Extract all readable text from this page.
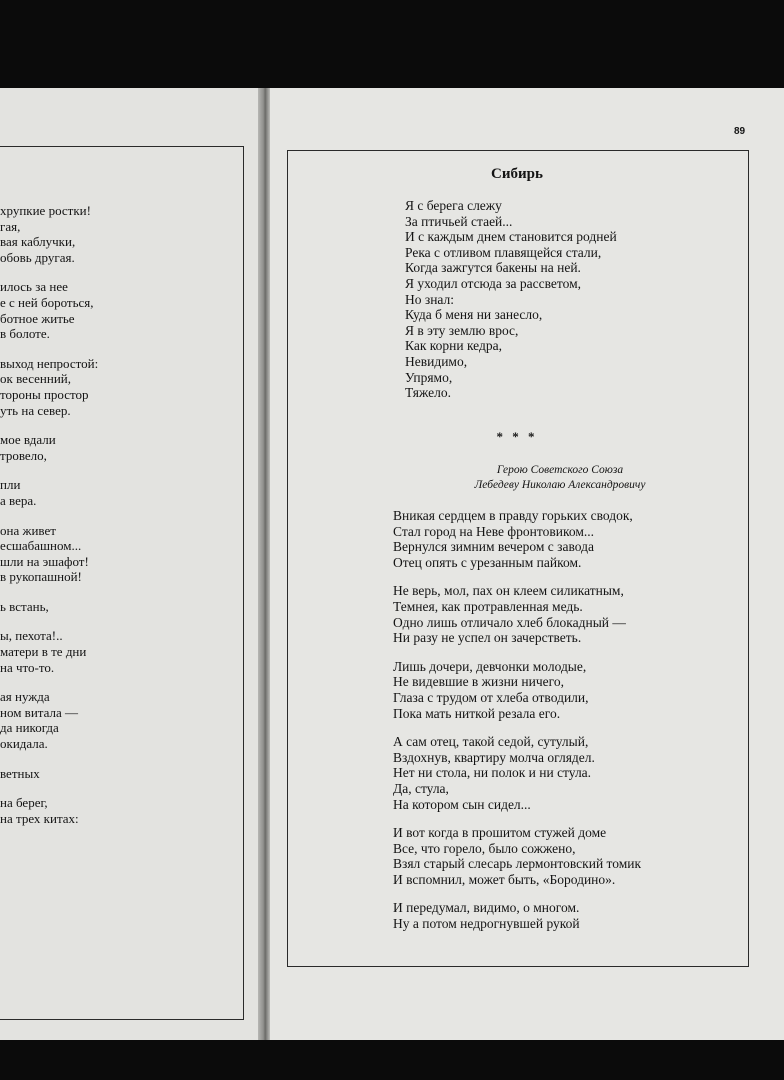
хрупкие ростки!
гая,
вая каблучки,
обовь другая.
илось за нее
е с ней бороться,
ботное житье
в болоте.
выход непростой:
ок весенний,
тороны простор
уть на север.
мое вдали
тровело,
пли
а вера.
она живет
есшабашном...
шли на эшафот!
в рукопашной!
ь встань,
ы, пехота!..
матери в те дни
на что-то.
ая нужда
ном витала —
да никогда
окидала.
ветных
на берег,
на трех китах:
89
Сибирь
Я с берега слежу
За птичьей стаей...
И с каждым днем становится родней
Река с отливом плавящейся стали,
Когда зажгутся бакены на ней.
Я уходил отсюда за рассветом,
Но знал:
Куда б меня ни занесло,
Я в эту землю врос,
Как корни кедра,
Невидимо,
Упрямо,
Тяжело.
* * *
Герою Советского Союза
Лебедеву Николаю Александровичу
Вникая сердцем в правду горьких сводок,
Стал город на Неве фронтовиком...
Вернулся зимним вечером с завода
Отец опять с урезанным пайком.
Не верь, мол, пах он клеем силикатным,
Темнея, как протравленная медь.
Одно лишь отличало хлеб блокадный —
Ни разу не успел он зачерстветь.
Лишь дочери, девчонки молодые,
Не видевшие в жизни ничего,
Глаза с трудом от хлеба отводили,
Пока мать ниткой резала его.
А сам отец, такой седой, сутулый,
Вздохнув, квартиру молча оглядел.
Нет ни стола, ни полок и ни стула.
Да, стула,
На котором сын сидел...
И вот когда в прошитом стужей доме
Все, что горело, было сожжено,
Взял старый слесарь лермонтовский томик
И вспомнил, может быть, «Бородино».
И передумал, видимо, о многом.
Ну а потом недрогнувшей рукой
